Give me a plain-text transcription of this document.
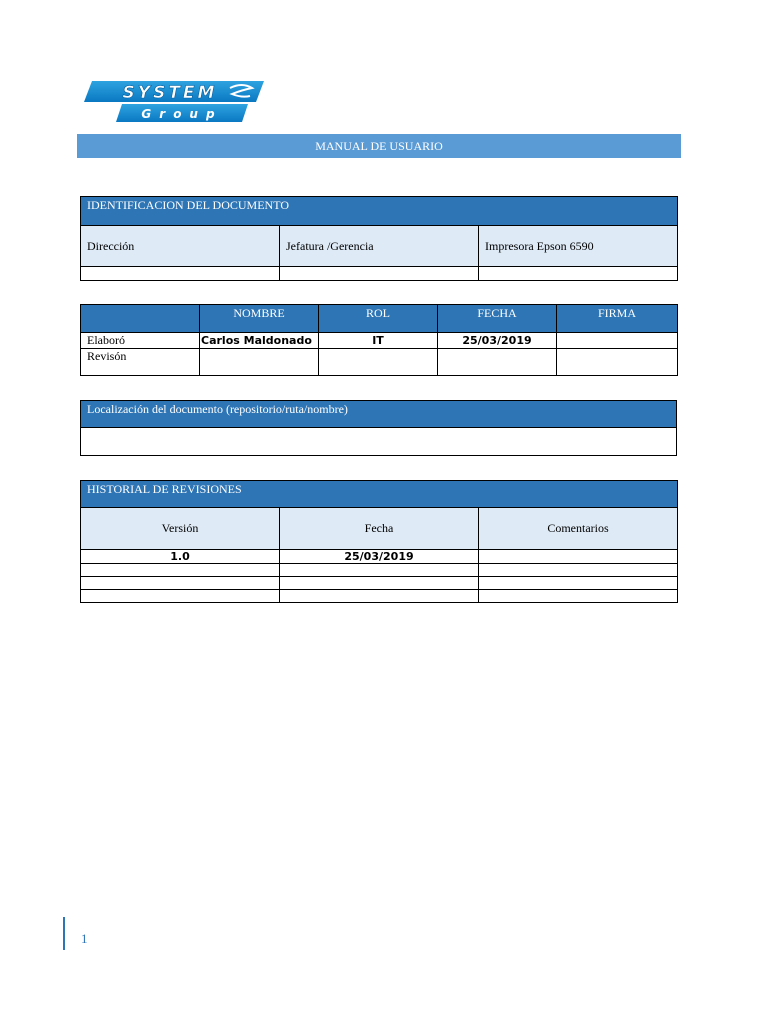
SYSTEM
Group
MANUAL DE USUARIO
IDENTIFICACION DEL DOCUMENTO		
Dirección	Jefatura /Gerencia	Impresora Epson 6590

	NOMBRE	ROL	FECHA	FIRMA
Elaboró	Carlos Maldonado	IT	25/03/2019	
Revisón				
Localización del documento (repositorio/ruta/nombre)

HISTORIAL DE REVISIONES		
Versión	Fecha	Comentarios
1.0	25/03/2019	

1
